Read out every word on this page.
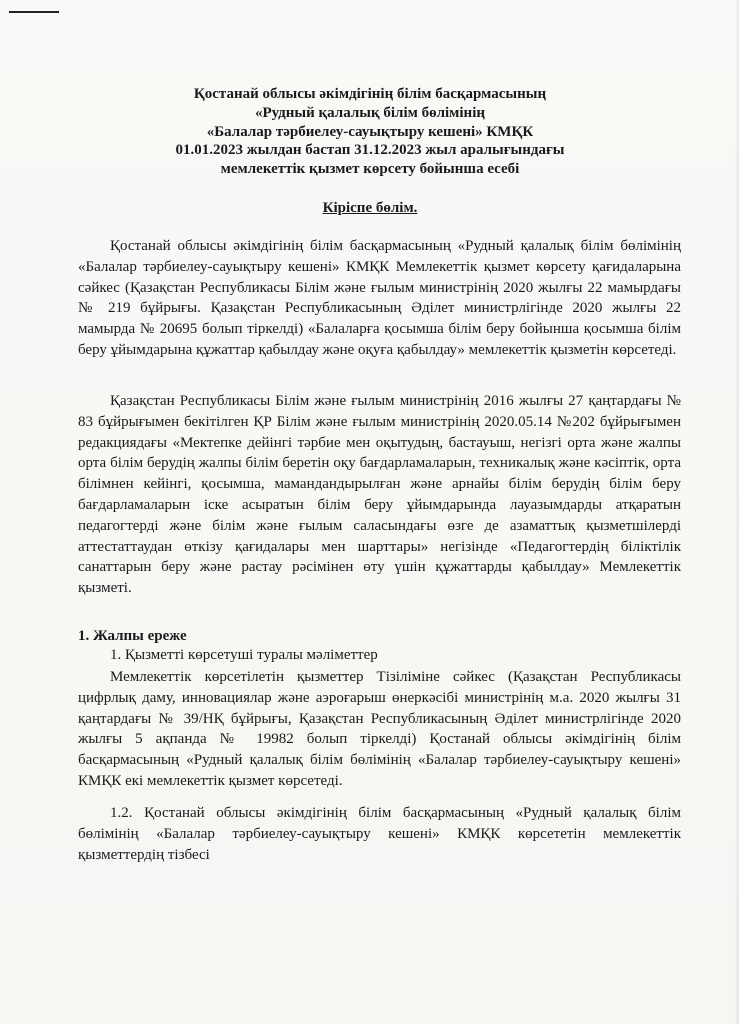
Қостанай облысы әкімдігінің білім басқармасының
«Рудный қалалық білім бөлімінің
«Балалар тәрбиелеу-сауықтыру кешені» КМҚК
01.01.2023 жылдан бастап 31.12.2023 жыл аралығындағы
мемлекеттік қызмет көрсету бойынша есебі
Кіріспе бөлім.

Қостанай облысы әкімдігінің білім басқармасының «Рудный қалалық білім бөлімінің «Балалар тәрбиелеу-сауықтыру кешені» КМҚК Мемлекеттік қызмет көрсету қағидаларына сәйкес (Қазақстан Республикасы Білім және ғылым министрінің 2020 жылғы 22 мамырдағы № 219 бұйрығы. Қазақстан Республикасының Әділет министрлігінде 2020 жылғы 22 мамырда № 20695 болып тіркелді) «Балаларға қосымша білім беру бойынша қосымша білім беру ұйымдарына құжаттар қабылдау және оқуға қабылдау» мемлекеттік қызметін көрсетеді.

Қазақстан Республикасы Білім және ғылым министрінің 2016 жылғы 27 қаңтардағы № 83 бұйрығымен бекітілген ҚР Білім және ғылым министрінің 2020.05.14 №202 бұйрығымен редакциядағы «Мектепке дейінгі тәрбие мен оқытудың, бастауыш, негізгі орта және жалпы орта білім берудің жалпы білім беретін оқу бағдарламаларын, техникалық және кәсіптік, орта білімнен кейінгі, қосымша, мамандандырылған және арнайы білім берудің білім беру бағдарламаларын іске асыратын білім беру ұйымдарында лауазымдарды атқаратын педагогтерді және білім және ғылым саласындағы өзге де азаматтық қызметшілерді аттестаттаудан өткізу қағидалары мен шарттары» негізінде «Педагогтердің біліктілік санаттарын беру және растау рәсімінен өту үшін құжаттарды қабылдау» Мемлекеттік қызметі.

1. Жалпы ереже
1. Қызметті көрсетуші туралы мәліметтер

Мемлекеттік көрсетілетін қызметтер Тізіліміне сәйкес (Қазақстан Республикасы цифрлық даму, инновациялар және аэроғарыш өнеркәсібі министрінің м.а. 2020 жылғы 31 қаңтардағы № 39/НҚ бұйрығы, Қазақстан Республикасының Әділет министрлігінде 2020 жылғы 5 ақпанда № 19982 болып тіркелді) Қостанай облысы әкімдігінің білім басқармасының «Рудный қалалық білім бөлімінің «Балалар тәрбиелеу-сауықтыру кешені» КМҚК екі мемлекеттік қызмет көрсетеді.

1.2. Қостанай облысы әкімдігінің білім басқармасының «Рудный қалалық білім бөлімінің «Балалар тәрбиелеу-сауықтыру кешені» КМҚК көрсететін мемлекеттік қызметтердің тізбесі
